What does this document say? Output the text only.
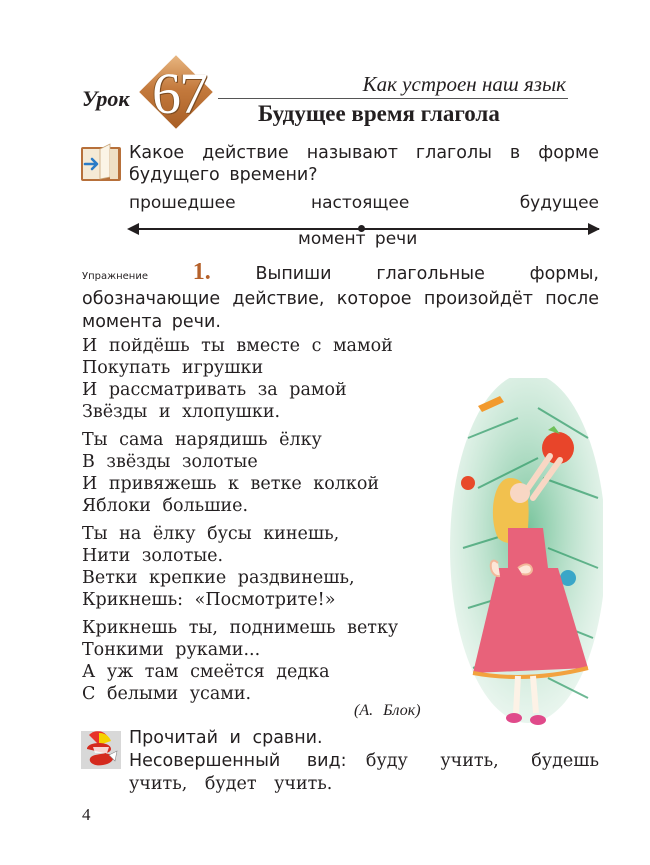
Урок 67	Как устроен наш язык
Будущее время глагола
Какое действие называют глаголы в форме будущего времени?
прошедшее	настоящее	будущее
момент речи
Упражнение 1.	Выпиши глагольные формы, обозначающие действие, которое произойдёт после момента речи.
И пойдёшь ты вместе с мамой
Покупать игрушки
И рассматривать за рамой
Звёзды и хлопушки.
Ты сама нарядишь ёлку
В звёзды золотые
И привяжешь к ветке колкой
Яблоки большие.
Ты на ёлку бусы кинешь,
Нити золотые.
Ветки крепкие раздвинешь,
Крикнешь: «Посмотрите!»
Крикнешь ты, поднимешь ветку
Тонкими руками...
А уж там смеётся дедка
С белыми усами.
(А. Блок)
Прочитай и сравни.
Несовершенный вид: буду учить, будешь учить, будет учить.
4
